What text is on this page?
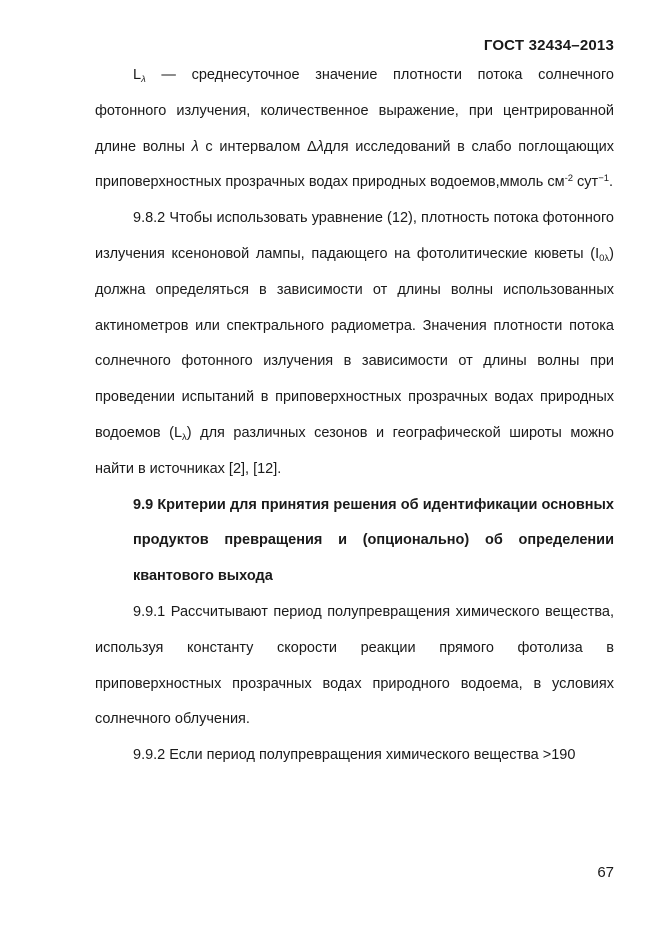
ГОСТ 32434–2013

$L_\lambda$ — среднесуточное значение плотности потока солнечного фотонного излучения, количественное выражение, при центрированной длине волны λ с интервалом Δλдля исследований в слабо поглощающих приповерхностных прозрачных водах природных водоемов,ммоль $см^{-2}$ сут$^{-1}$.

9.8.2 Чтобы использовать уравнение (12), плотность потока фотонного излучения ксеноновой лампы, падающего на фотолитические кюветы $(I_{0\lambda})$ должна определяться в зависимости от длины волны использованных актинометров или спектрального радиометра. Значения плотности потока солнечного фотонного излучения в зависимости от длины волны при проведении испытаний в приповерхностных прозрачных водах природных водоемов $(L_\lambda)$ для различных сезонов и географической широты можно найти в источниках [2], [12].

9.9 Критерии для принятия решения об идентификации основных продуктов превращения и (опционально) об определении квантового выхода

9.9.1 Рассчитывают период полупревращения химического вещества, используя константу скорости реакции прямого фотолиза в приповерхностных прозрачных водах природного водоема, в условиях солнечного облучения.

9.9.2 Если период полупревращения химического вещества >190

67
